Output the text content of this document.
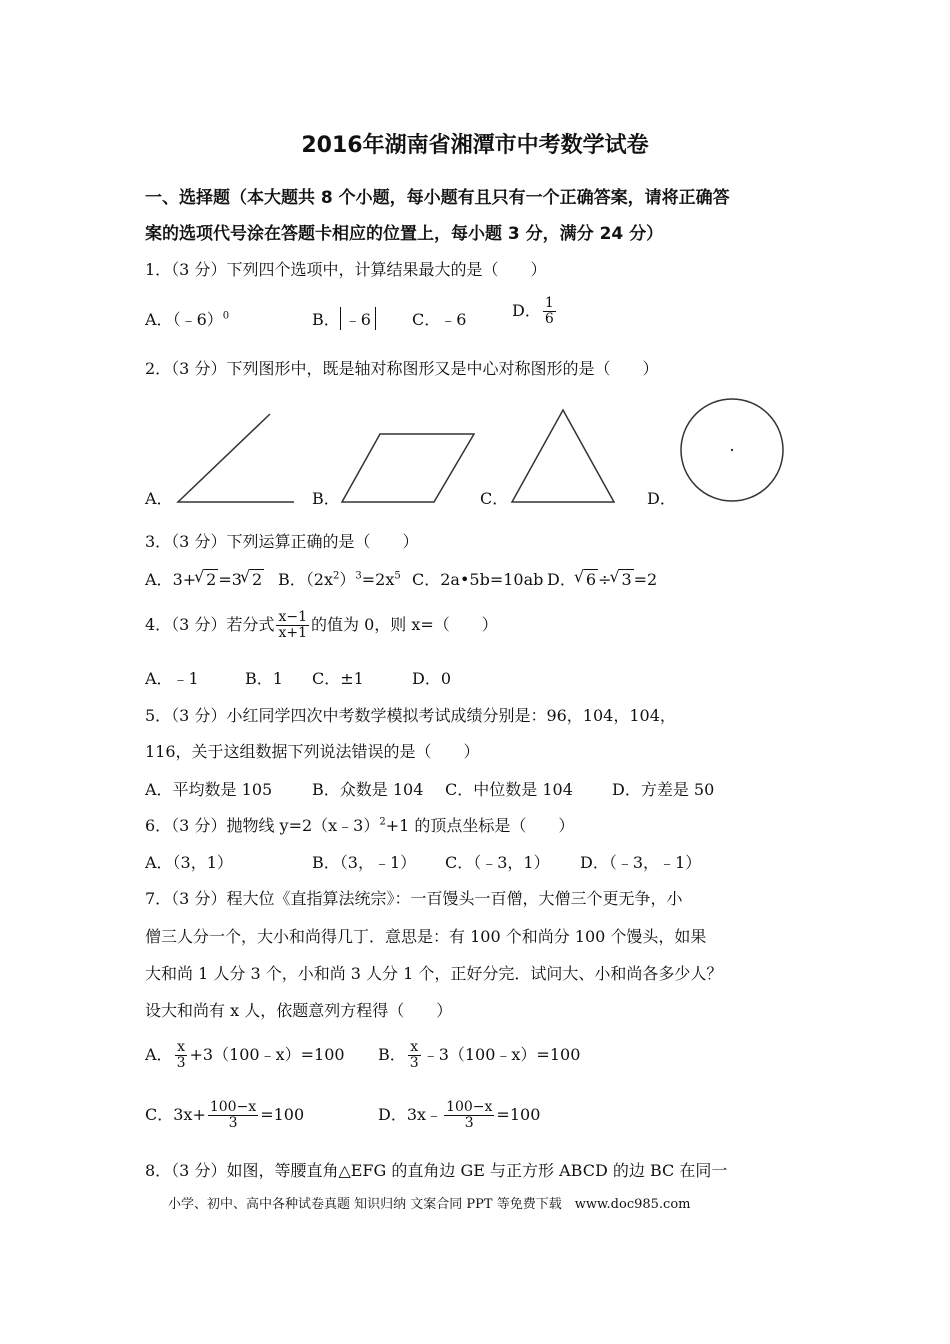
2016年湖南省湘潭市中考数学试卷
一、选择题（本大题共 8 个小题，每小题有且只有一个正确答案，请将正确答
案的选项代号涂在答题卡相应的位置上，每小题 3 分，满分 24 分）
1．（3 分）下列四个选项中，计算结果最大的是（　　）
A．（﹣6）$^0$	B． ﹣6	C．﹣6	D． $\frac{1}{6}$
2．（3 分）下列图形中，既是轴对称图形又是中心对称图形的是（　　）
A．	B．	C．	D．
3．（3 分）下列运算正确的是（　　）
A．3+ √ 2 =3 √ 2 B．$(2x^2)^3=2x^5$ C．2a•5b=10ab D． √ 6 ÷ √ 3 =2
4．（3 分）若分式 $\frac{x-1}{x+1}$ 的值为 0，则 x=（　　）
A．﹣1	B．1 C．±1	D．0
5．（3 分）小红同学四次中考数学模拟考试成绩分别是：96，104，104，
116，关于这组数据下列说法错误的是（　　）
A．平均数是 105 B．众数是 104 C．中位数是 104 D．方差是 50
6．（3 分）抛物线 y=2（x﹣3）$^2$+1 的顶点坐标是（　　）
A．（3，1）	B．（3，﹣1） C．（﹣3，1） D．（﹣3，﹣1）
7．（3 分）程大位《直指算法统宗》：一百馒头一百僧，大僧三个更无争，小
僧三人分一个，大小和尚得几丁．意思是：有 100 个和尚分 100 个馒头，如果
大和尚 1 人分 3 个，小和尚 3 人分 1 个，正好分完．试问大、小和尚各多少人？
设大和尚有 x 人，依题意列方程得（　　）
A． $\frac{x}{3}$ +3（100﹣x）=100 B． $\frac{x}{3}$ ﹣3（100﹣x）=100
C．$3x+ \frac{100-x}{3} =100$	D．3x﹣ $\frac{100-x}{3} =100$
8．（3 分）如图，等腰直角△EFG 的直角边 GE 与正方形 ABCD 的边 BC 在同一
小学、初中、高中各种试卷真题 知识归纳 文案合同 PPT 等免费下载　www.doc985.com
